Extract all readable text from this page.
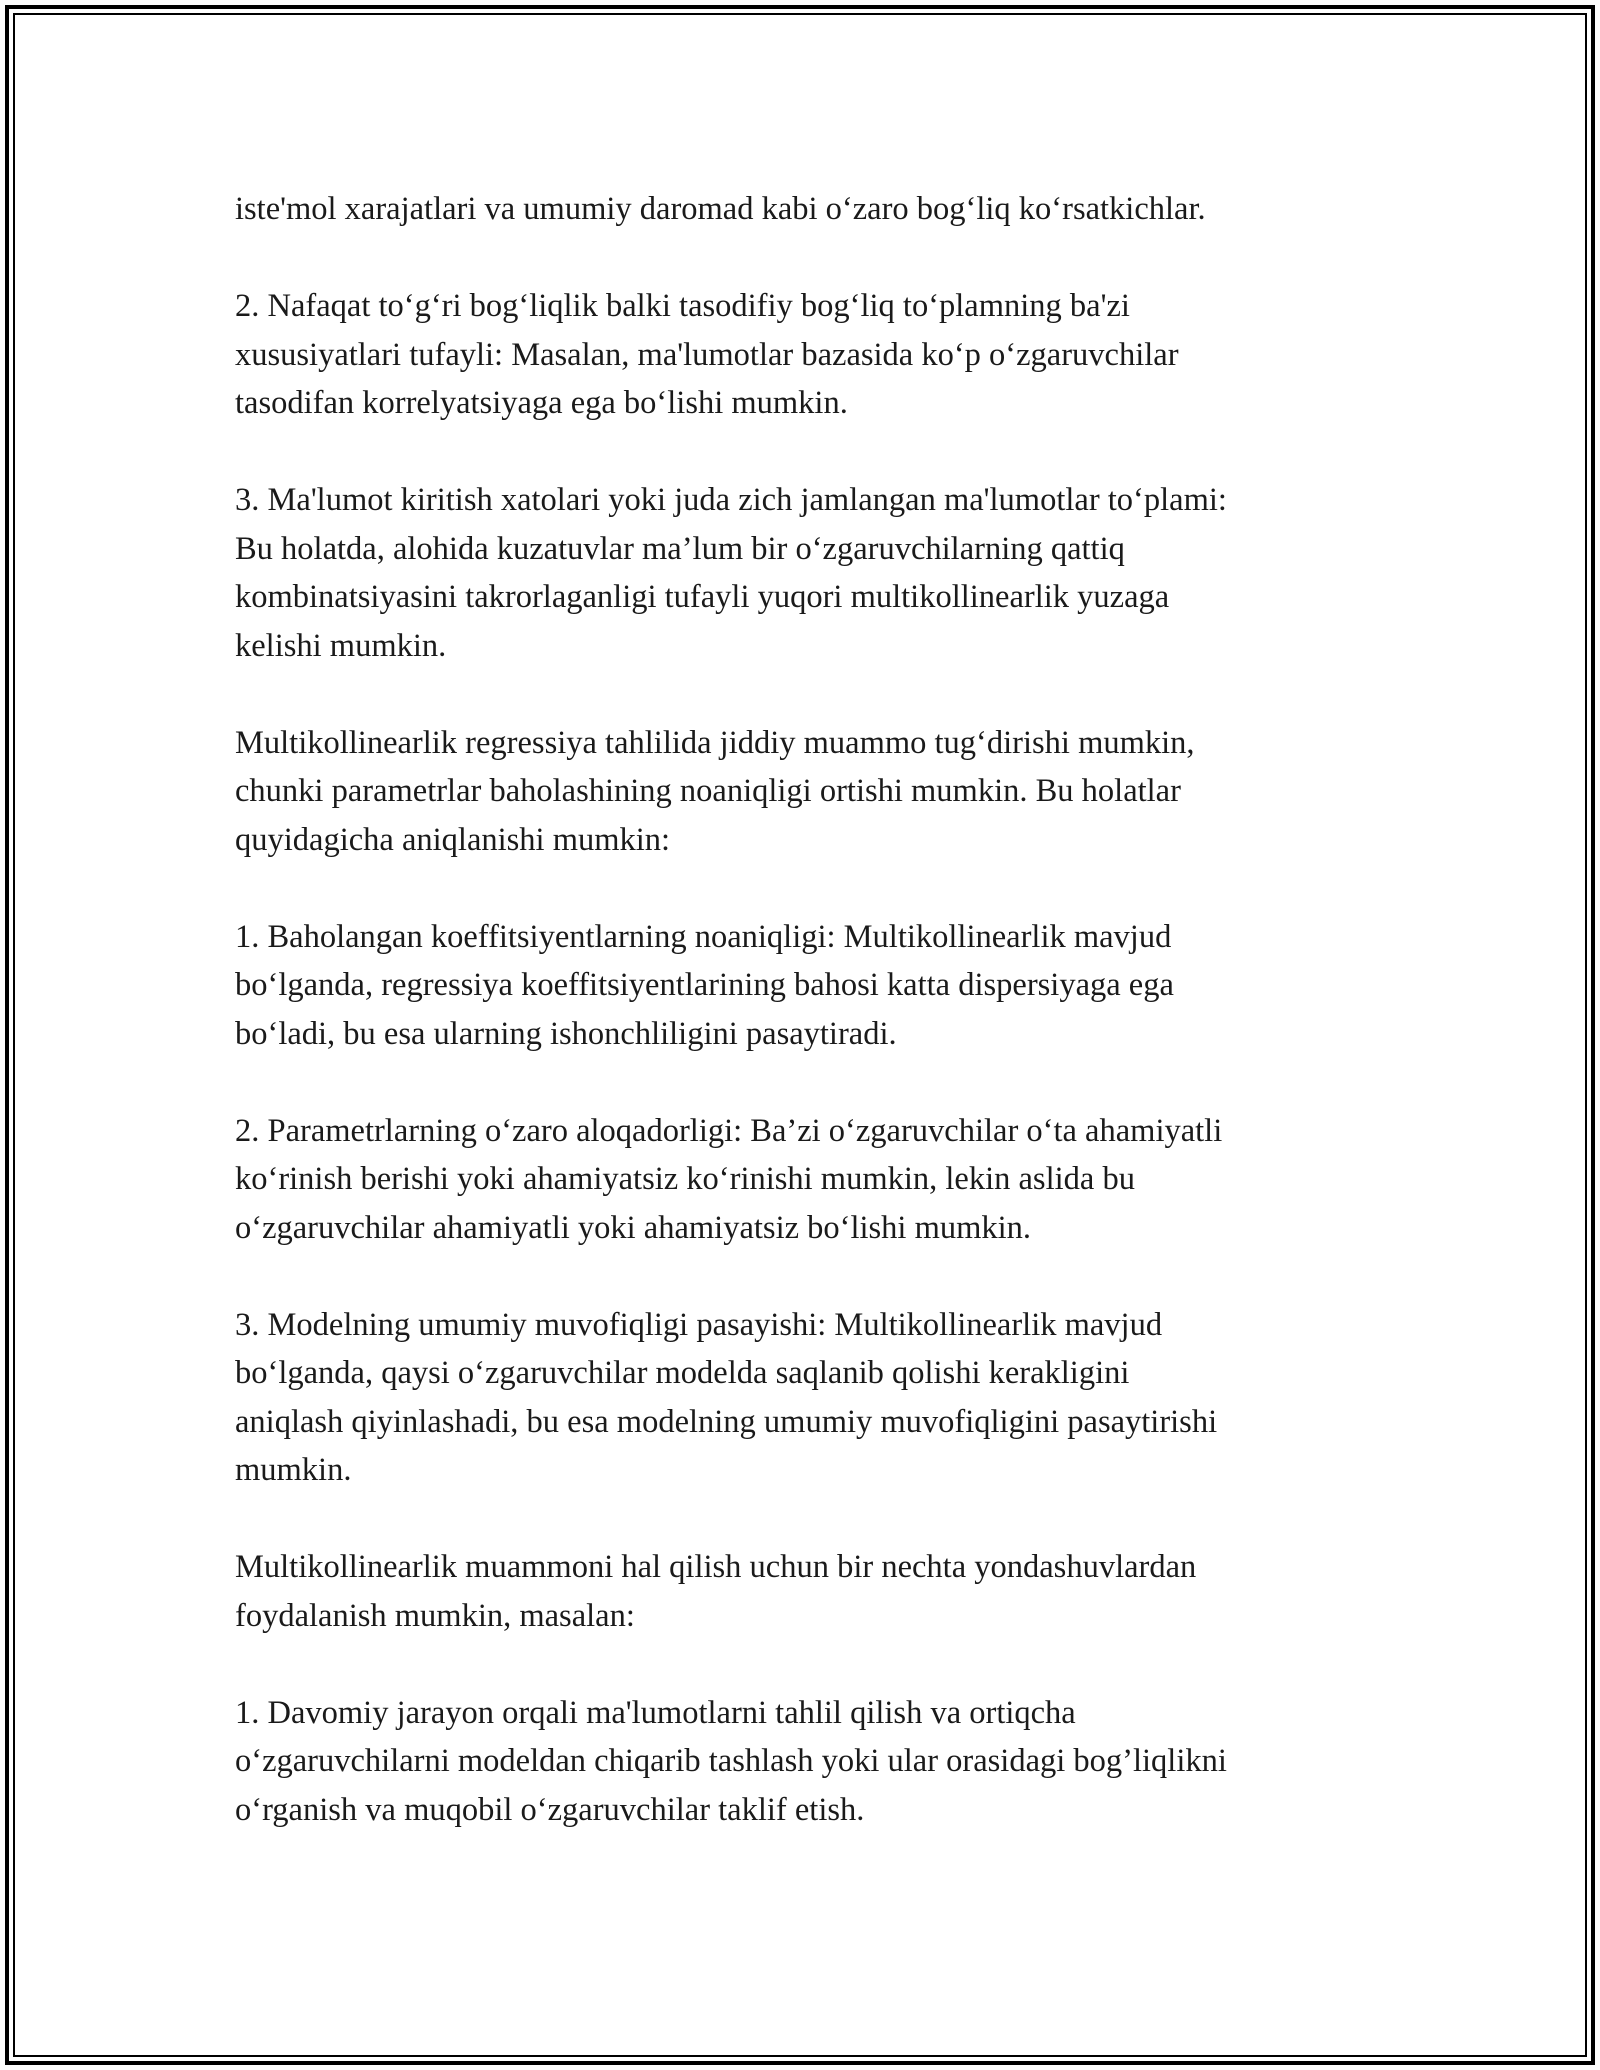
iste'mol xarajatlari va umumiy daromad kabi o‘zaro bog‘liq ko‘rsatkichlar.

2. Nafaqat to‘g‘ri bog‘liqlik balki tasodifiy bog‘liq to‘plamning ba'zi
xususiyatlari tufayli: Masalan, ma'lumotlar bazasida ko‘p o‘zgaruvchilar
tasodifan korrelyatsiyaga ega bo‘lishi mumkin.

3. Ma'lumot kiritish xatolari yoki juda zich jamlangan ma'lumotlar to‘plami:
Bu holatda, alohida kuzatuvlar ma’lum bir o‘zgaruvchilarning qattiq
kombinatsiyasini takrorlaganligi tufayli yuqori multikollinearlik yuzaga
kelishi mumkin.

Multikollinearlik regressiya tahlilida jiddiy muammo tug‘dirishi mumkin,
chunki parametrlar baholashining noaniqligi ortishi mumkin. Bu holatlar
quyidagicha aniqlanishi mumkin:

1. Baholangan koeffitsiyentlarning noaniqligi: Multikollinearlik mavjud
bo‘lganda, regressiya koeffitsiyentlarining bahosi katta dispersiyaga ega
bo‘ladi, bu esa ularning ishonchliligini pasaytiradi.

2. Parametrlarning o‘zaro aloqadorligi: Ba’zi o‘zgaruvchilar o‘ta ahamiyatli
ko‘rinish berishi yoki ahamiyatsiz ko‘rinishi mumkin, lekin aslida bu
o‘zgaruvchilar ahamiyatli yoki ahamiyatsiz bo‘lishi mumkin.

3. Modelning umumiy muvofiqligi pasayishi: Multikollinearlik mavjud
bo‘lganda, qaysi o‘zgaruvchilar modelda saqlanib qolishi kerakligini
aniqlash qiyinlashadi, bu esa modelning umumiy muvofiqligini pasaytirishi
mumkin.

Multikollinearlik muammoni hal qilish uchun bir nechta yondashuvlardan
foydalanish mumkin, masalan:

1. Davomiy jarayon orqali ma'lumotlarni tahlil qilish va ortiqcha
o‘zgaruvchilarni modeldan chiqarib tashlash yoki ular orasidagi bog’liqlikni
o‘rganish va muqobil o‘zgaruvchilar taklif etish.
